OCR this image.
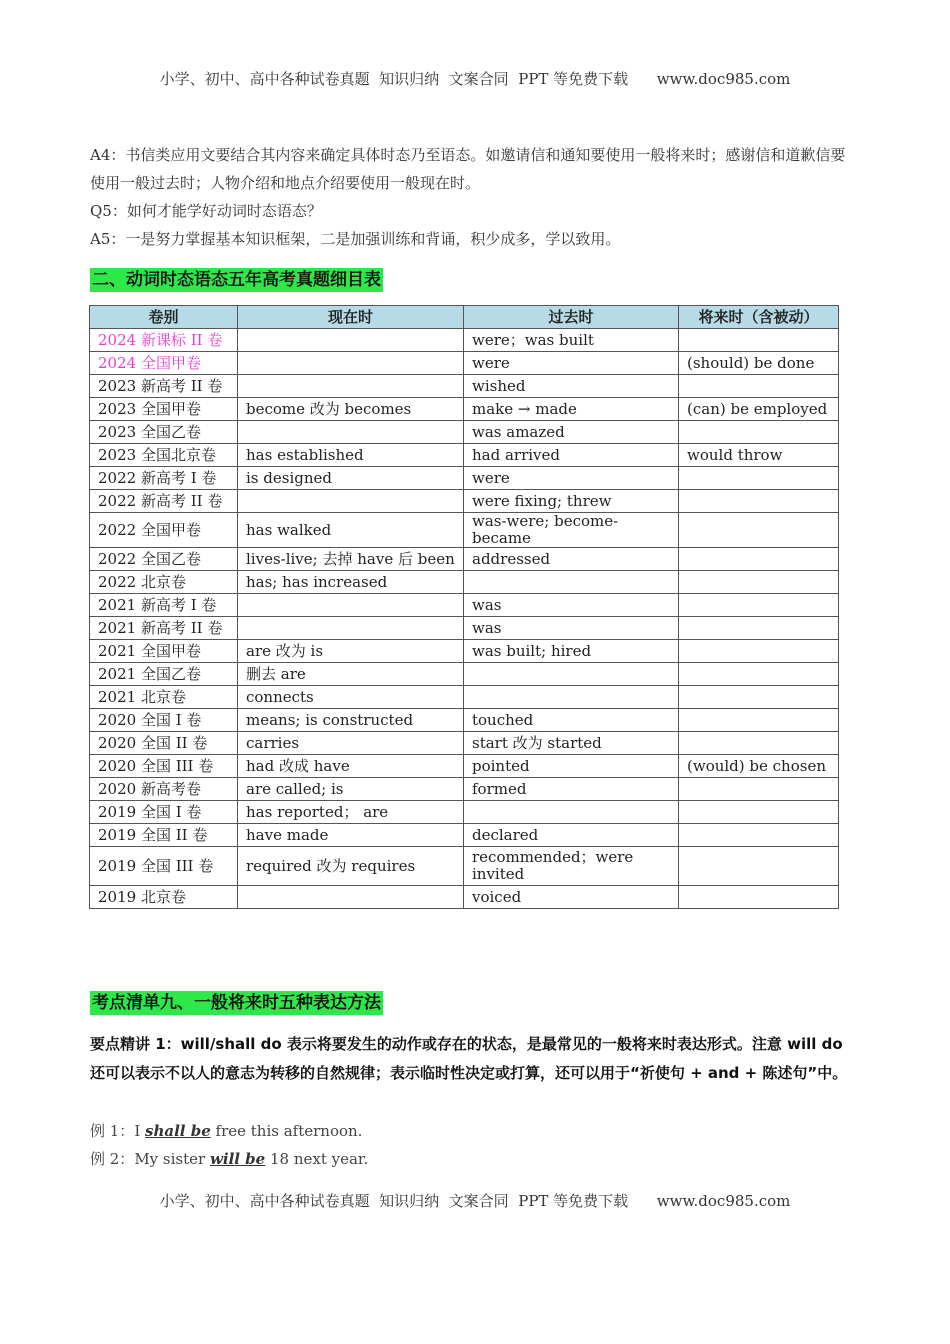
小学、初中、高中各种试卷真题  知识归纳  文案合同  PPT 等免费下载      www.doc985.com
A4：书信类应用文要结合其内容来确定具体时态乃至语态。如邀请信和通知要使用一般将来时；感谢信和道歉信要使用一般过去时；人物介绍和地点介绍要使用一般现在时。
Q5：如何才能学好动词时态语态？
A5：一是努力掌握基本知识框架，二是加强训练和背诵，积少成多，学以致用。
二、动词时态语态五年高考真题细目表
卷别	现在时	过去时	将来时（含被动）
2024 新课标 II 卷		were；was built	
2024 全国甲卷		were	(should) be done
2023 新高考 II 卷		wished	
2023 全国甲卷	become 改为 becomes	make → made	(can) be employed
2023 全国乙卷		was amazed	
2023 全国北京卷	has established	had arrived	would throw
2022 新高考 I 卷	is designed	were	
2022 新高考 II 卷		were fixing; threw	
2022 全国甲卷	has walked	was-were; become-became	
2022 全国乙卷	lives-live; 去掉 have 后 been	addressed	
2022 北京卷	has; has increased		
2021 新高考 I 卷		was	
2021 新高考 II 卷		was	
2021 全国甲卷	are 改为 is	was built; hired	
2021 全国乙卷	删去 are		
2021 北京卷	connects		
2020 全国 I 卷	means; is constructed	touched	
2020 全国 II 卷	carries	start 改为 started	
2020 全国 III 卷	had 改成 have	pointed	(would) be chosen
2020 新高考卷	are called; is	formed	
2019 全国 I 卷	has reported； are		
2019 全国 II 卷	have made	declared	
2019 全国 III 卷	required 改为 requires	recommended；were invited	
2019 北京卷		voiced	
考点清单九、一般将来时五种表达方法
要点精讲 1：will/shall do 表示将要发生的动作或存在的状态，是最常见的一般将来时表达形式。注意 will do 还可以表示不以人的意志为转移的自然规律；表示临时性决定或打算，还可以用于“祈使句 + and + 陈述句”中。
例 1：I shall be free this afternoon.
例 2：My sister will be 18 next year.
小学、初中、高中各种试卷真题  知识归纳  文案合同  PPT 等免费下载      www.doc985.com
